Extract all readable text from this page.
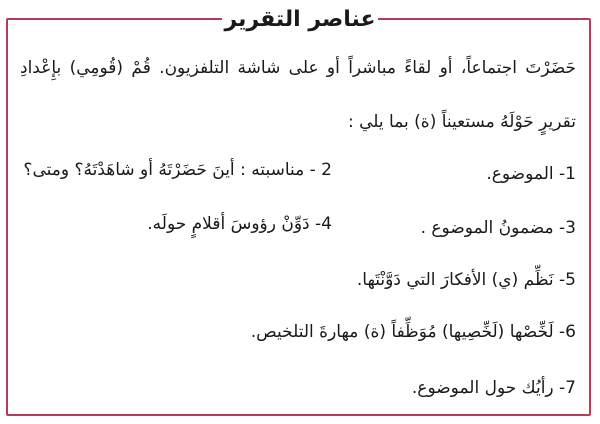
عناصر التقرير
حَضَرْتَ اجتماعاً، أو لقاءً مباشراً أو على شاشة التلفزيون. قُمْ (قُومِي) بإِعْدادِ
تقريرٍ حَوْلَهُ مستعيناً (ة) بما يلي :
1- الموضوع.
2 - مناسبته : أينَ حَضَرْتَهُ أو شاهَدْتَهُ؟ ومتى؟
3- مضمونُ الموضوع .
4- دَوِّنْ رؤوسَ أقلامٍ حولَه.
5- نَظِّم (ي) الأفكارَ التي دَوَّنْتَها.
6- لَخِّصْها (لَخِّصِيها) مُوَظِّفاً (ة) مهارةَ التلخيص.
7- رأيُك حول الموضوع.
